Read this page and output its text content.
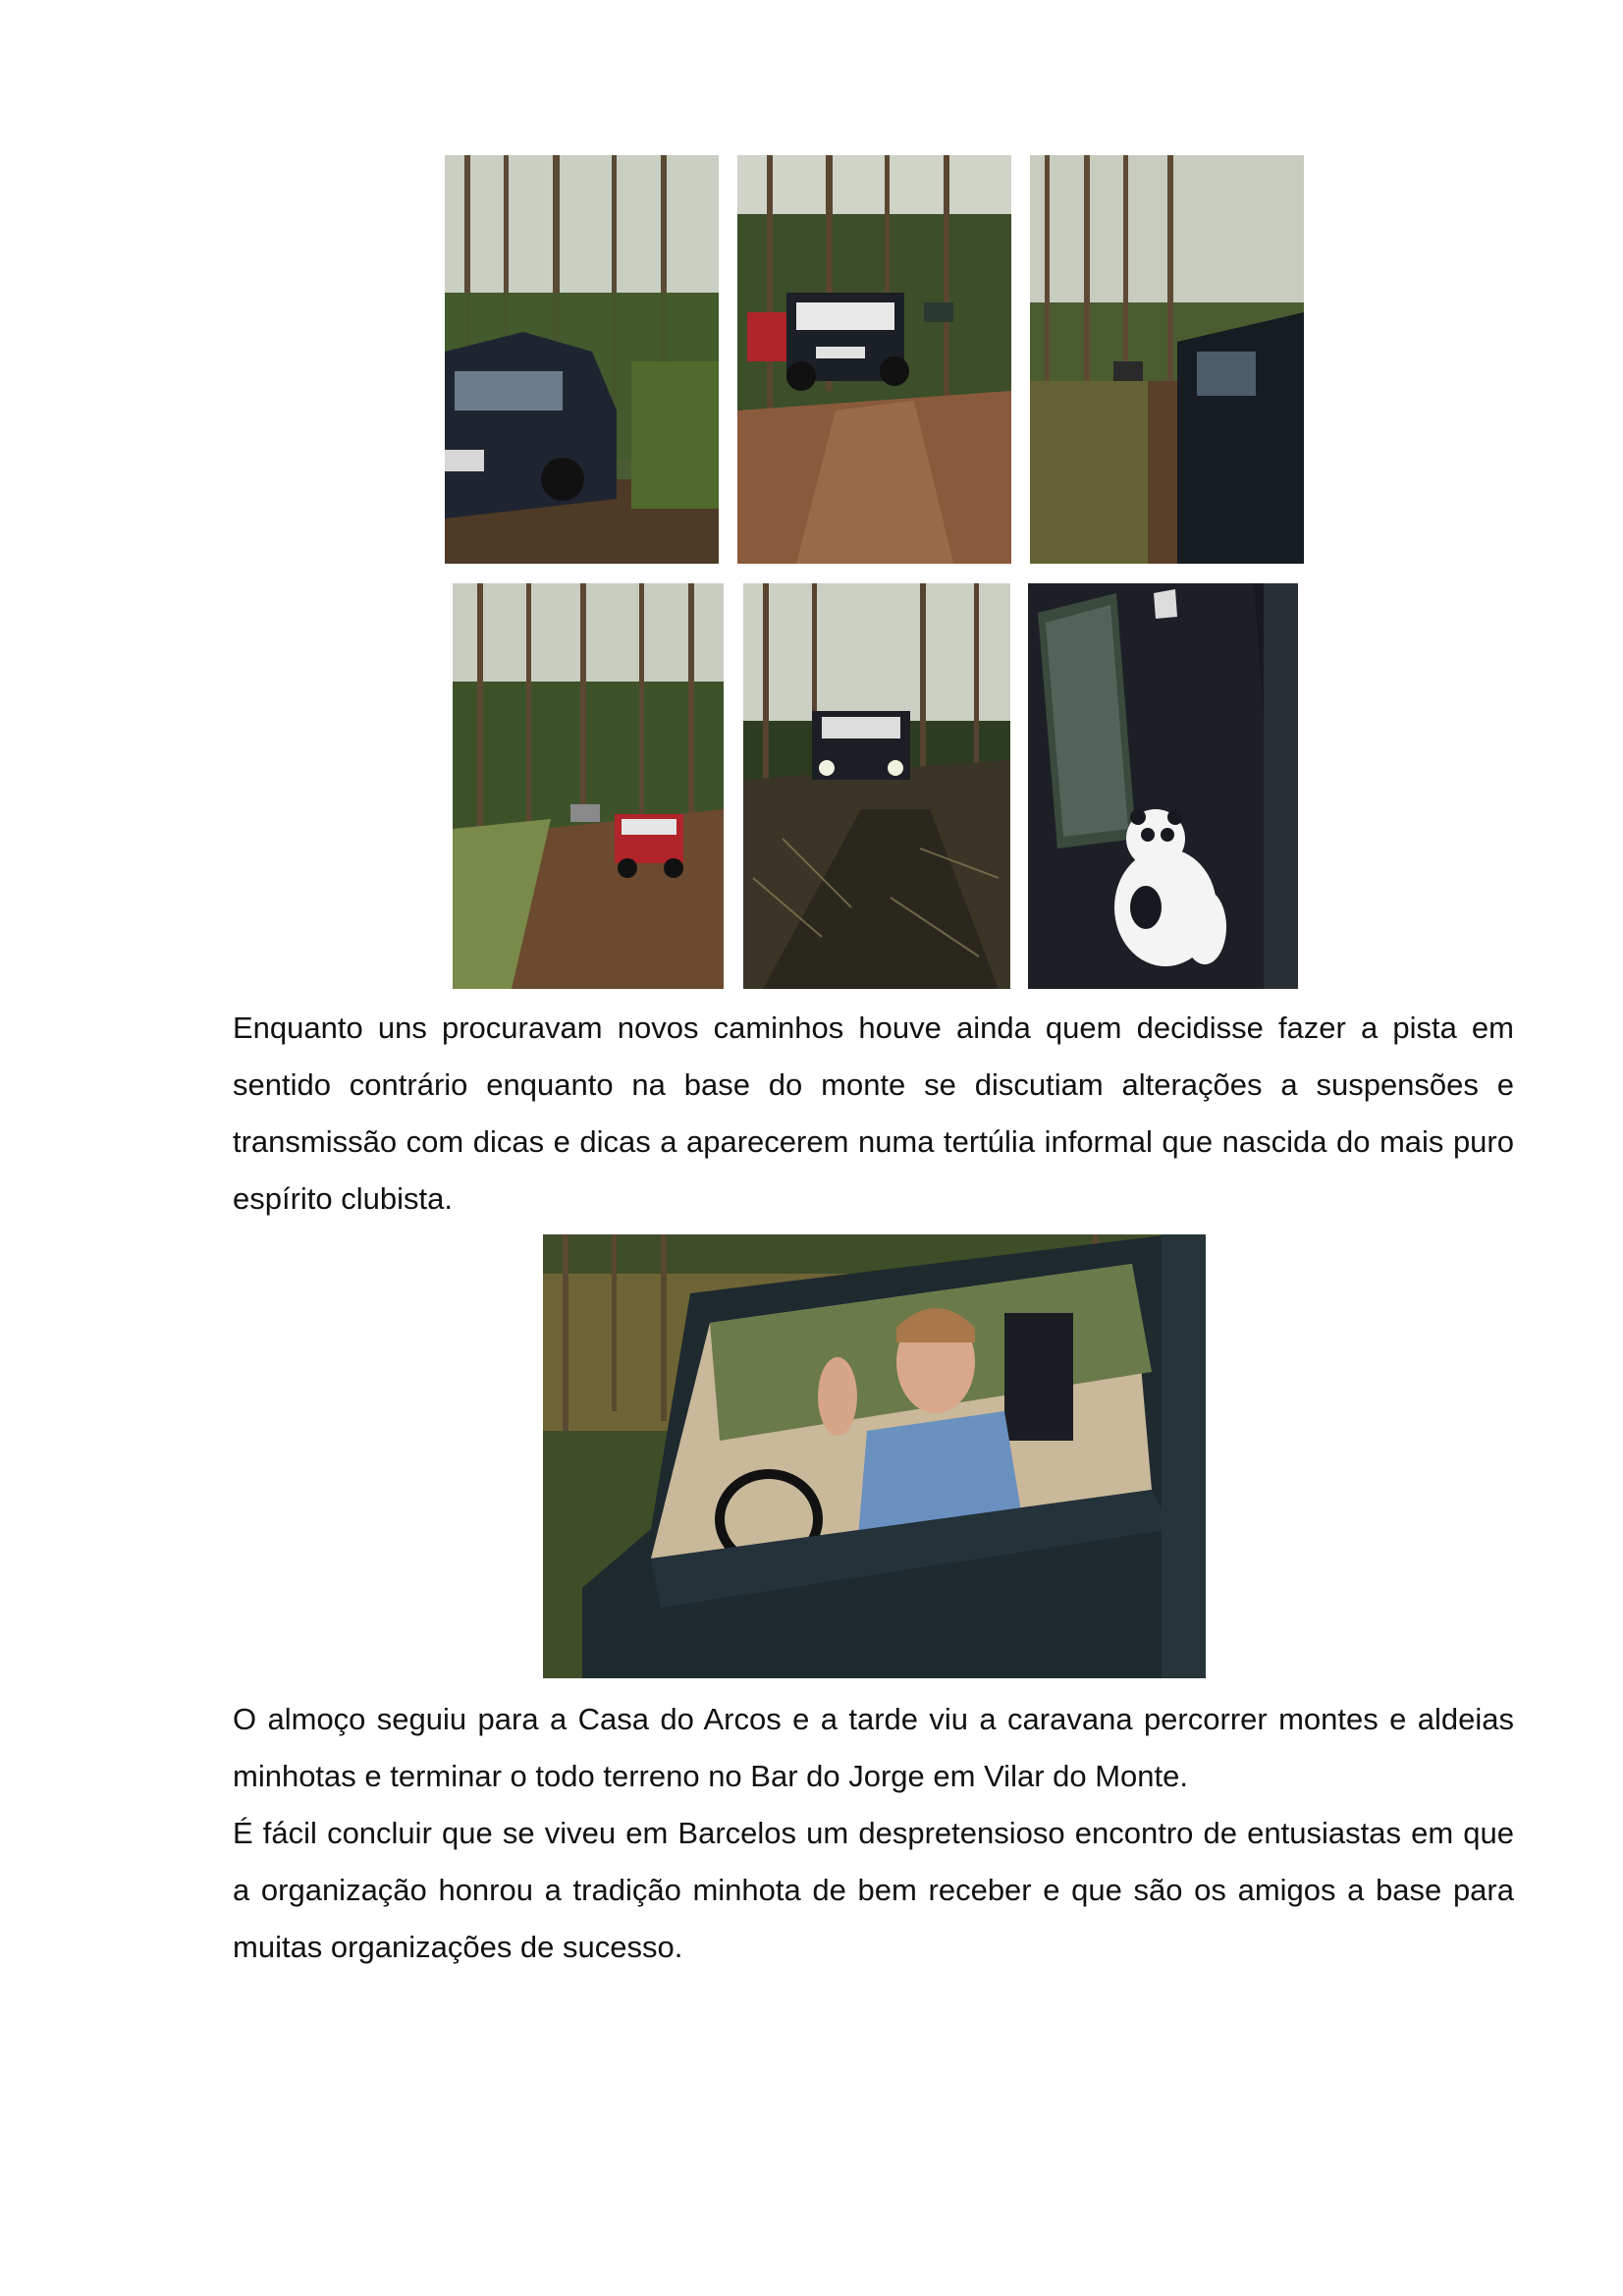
Enquanto uns procuravam novos caminhos houve ainda quem decidisse fazer a pista em sentido contrário enquanto na base do monte se discutiam alterações a suspensões e transmissão com dicas e dicas a aparecerem numa tertúlia informal que nascida do mais puro espírito clubista.

O almoço seguiu para a Casa do Arcos e a tarde viu a caravana percorrer montes e aldeias minhotas e terminar o todo terreno no Bar do Jorge em Vilar do Monte.

É fácil concluir que se viveu em Barcelos um despretensioso encontro de entusiastas em que a organização honrou a tradição minhota de bem receber e que são os amigos a base para muitas organizações de sucesso.
